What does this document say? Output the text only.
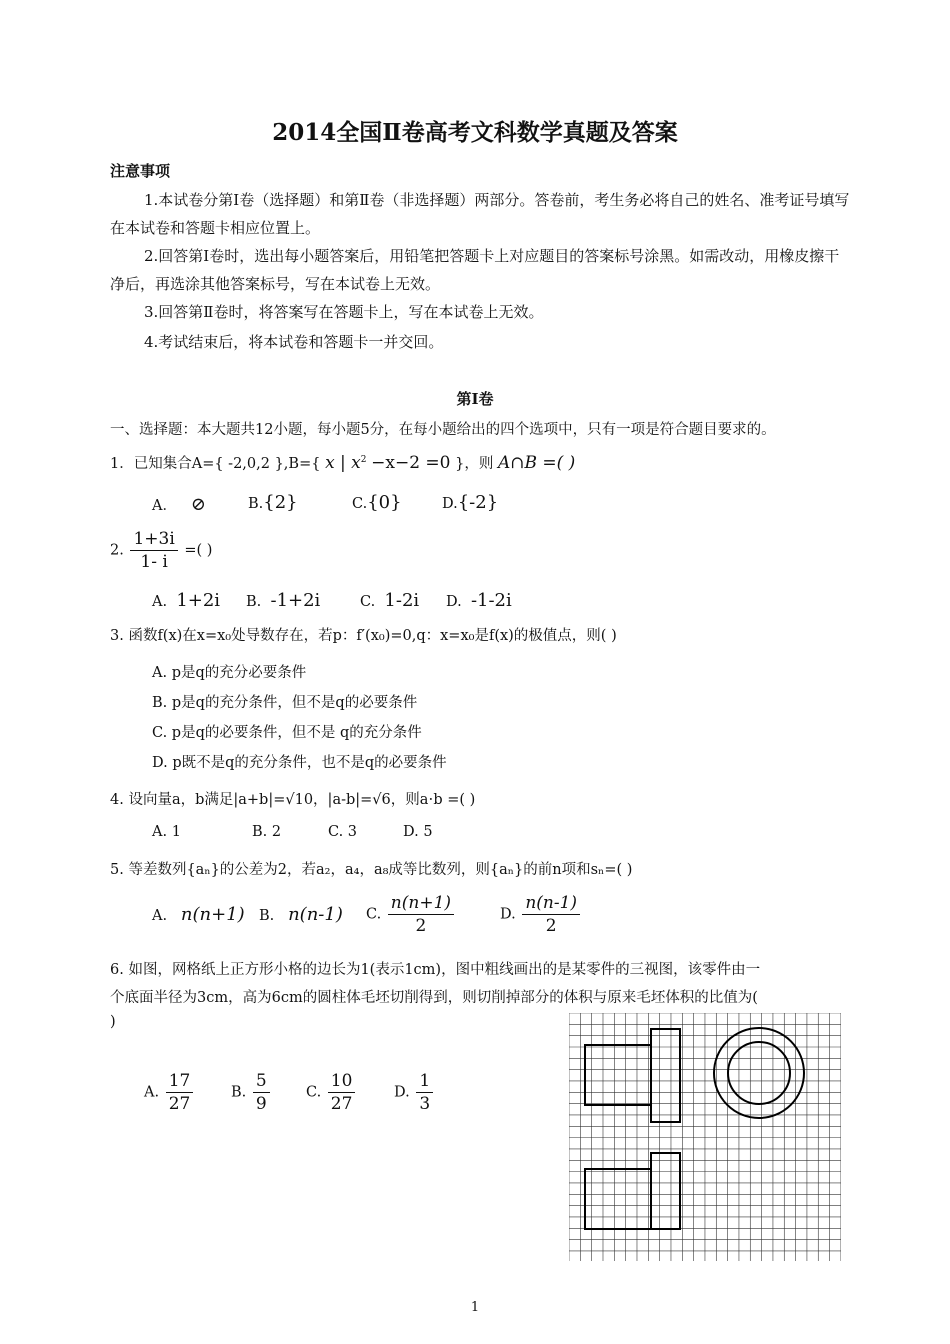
2014全国Ⅱ卷高考文科数学真题及答案
注意事项
1.本试卷分第Ⅰ卷（选择题）和第Ⅱ卷（非选择题）两部分。答卷前，考生务必将自己的姓名、准考证号填写在本试卷和答题卡相应位置上。
2.回答第Ⅰ卷时，选出每小题答案后，用铅笔把答题卡上对应题目的答案标号涂黑。如需改动，用橡皮擦干净后，再选涂其他答案标号，写在本试卷上无效。
3.回答第Ⅱ卷时，将答案写在答题卡上，写在本试卷上无效。
4.考试结束后，将本试卷和答题卡一并交回。
第Ⅰ卷
一、选择题：本大题共12小题，每小题5分，在每小题给出的四个选项中，只有一项是符合题目要求的。
1．已知集合A={ -2,0,2 },B={ x | $x^2 -x-2 =0$ }，则 A∩B =( )
A． ⊘	B.{2}	C.{0}	D.{-2}
2. $\frac{1+3i}{1- i}$ =( )
A. 1+2i B. -1+2i	C. 1-2i D. -1-2i
3. 函数f(x)在x=x₀处导数存在，若p：f′(x₀)=0,q：x=x₀是f(x)的极值点，则( )
A. p是q的充分必要条件
B. p是q的充分条件，但不是q的必要条件
C. p是q的必要条件，但不是 q的充分条件
D. p既不是q的充分条件，也不是q的必要条件
4. 设向量a，b满足|a+b|=√10，|a-b|=√6，则a⋅b =( )
A. 1	B. 2	C. 3	D. 5
5. 等差数列{aₙ}的公差为2，若a₂，a₄，a₈成等比数列，则{aₙ}的前n项和sₙ=( )
A. n(n+1) B. n(n-1) C. $\frac{n(n+1)}{2}$	D. $\frac{n(n-1)}{2}$
6. 如图，网格纸上正方形小格的边长为1(表示1cm)，图中粗线画出的是某零件的三视图，该零件由一
个底面半径为3cm，高为6cm的圆柱体毛坯切削得到，则切削掉部分的体积与原来毛坯体积的比值为(
)
A. $\frac{17}{27}$	B. $\frac{5}{9}$	C. $\frac{10}{27}$	D. $\frac{1}{3}$
1
